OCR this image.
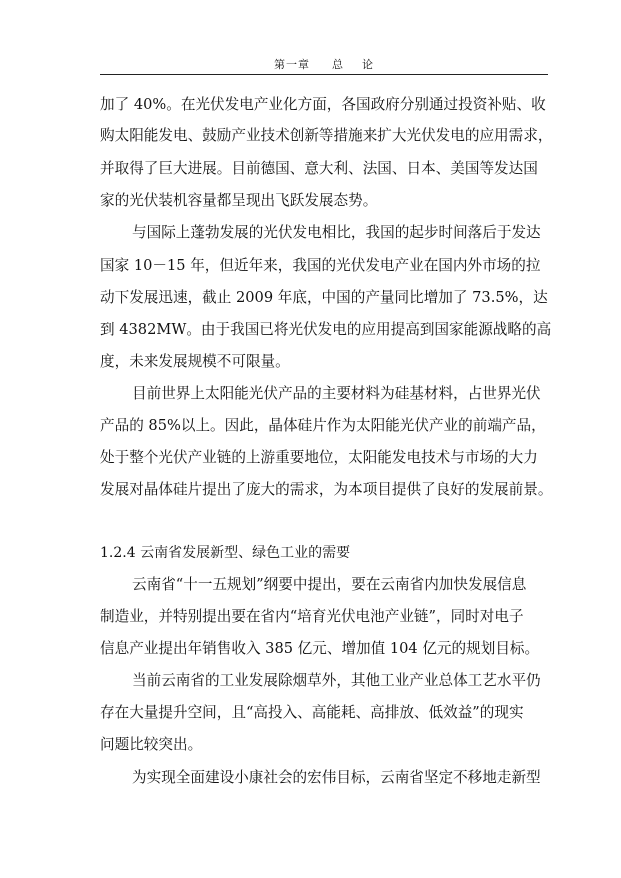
第一章 总    论
加了 40%。在光伏发电产业化方面，各国政府分别通过投资补贴、收
购太阳能发电、鼓励产业技术创新等措施来扩大光伏发电的应用需求，
并取得了巨大进展。目前德国、意大利、法国、日本、美国等发达国
家的光伏装机容量都呈现出飞跃发展态势。
与国际上蓬勃发展的光伏发电相比，我国的起步时间落后于发达
国家 10－15 年，但近年来，我国的光伏发电产业在国内外市场的拉
动下发展迅速，截止 2009 年底，中国的产量同比增加了 73.5%，达
到 4382MW。由于我国已将光伏发电的应用提高到国家能源战略的高
度，未来发展规模不可限量。
目前世界上太阳能光伏产品的主要材料为硅基材料，占世界光伏
产品的 85%以上。因此，晶体硅片作为太阳能光伏产业的前端产品，
处于整个光伏产业链的上游重要地位，太阳能发电技术与市场的大力
发展对晶体硅片提出了庞大的需求，为本项目提供了良好的发展前景。
1.2.4 云南省发展新型、绿色工业的需要
云南省“十一五规划”纲要中提出，要在云南省内加快发展信息
制造业，并特别提出要在省内“培育光伏电池产业链”，同时对电子
信息产业提出年销售收入 385 亿元、增加值 104 亿元的规划目标。
当前云南省的工业发展除烟草外，其他工业产业总体工艺水平仍
存在大量提升空间，且“高投入、高能耗、高排放、低效益”的现实
问题比较突出。
为实现全面建设小康社会的宏伟目标，云南省坚定不移地走新型
